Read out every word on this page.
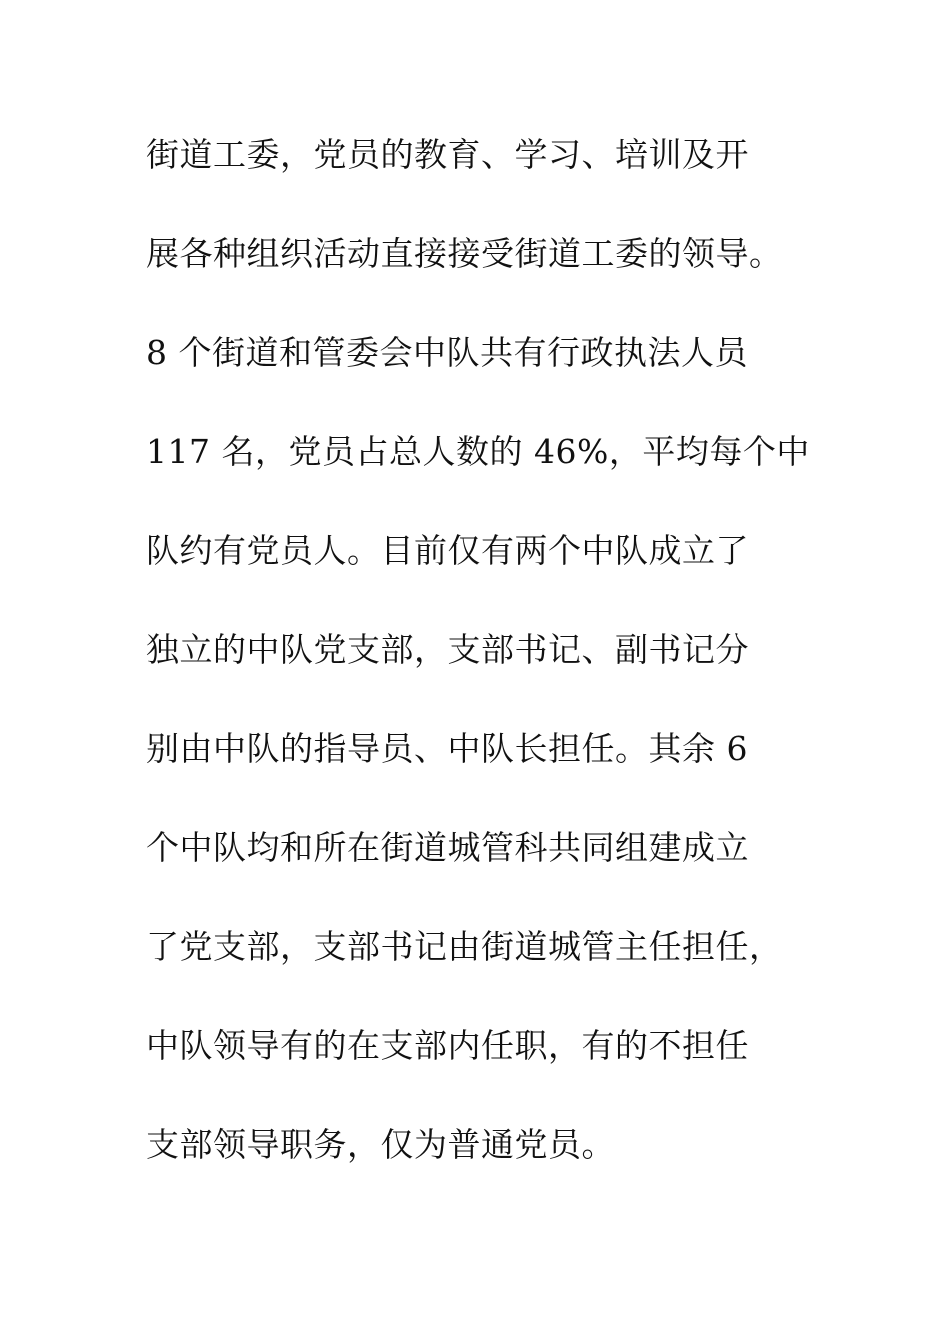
街道工委，党员的教育、学习、培训及开
展各种组织活动直接接受街道工委的领导。
8 个街道和管委会中队共有行政执法人员
117 名，党员占总人数的 46%，平均每个中
队约有党员人。目前仅有两个中队成立了
独立的中队党支部，支部书记、副书记分
别由中队的指导员、中队长担任。其余 6
个中队均和所在街道城管科共同组建成立
了党支部，支部书记由街道城管主任担任，
中队领导有的在支部内任职，有的不担任
支部领导职务，仅为普通党员。
